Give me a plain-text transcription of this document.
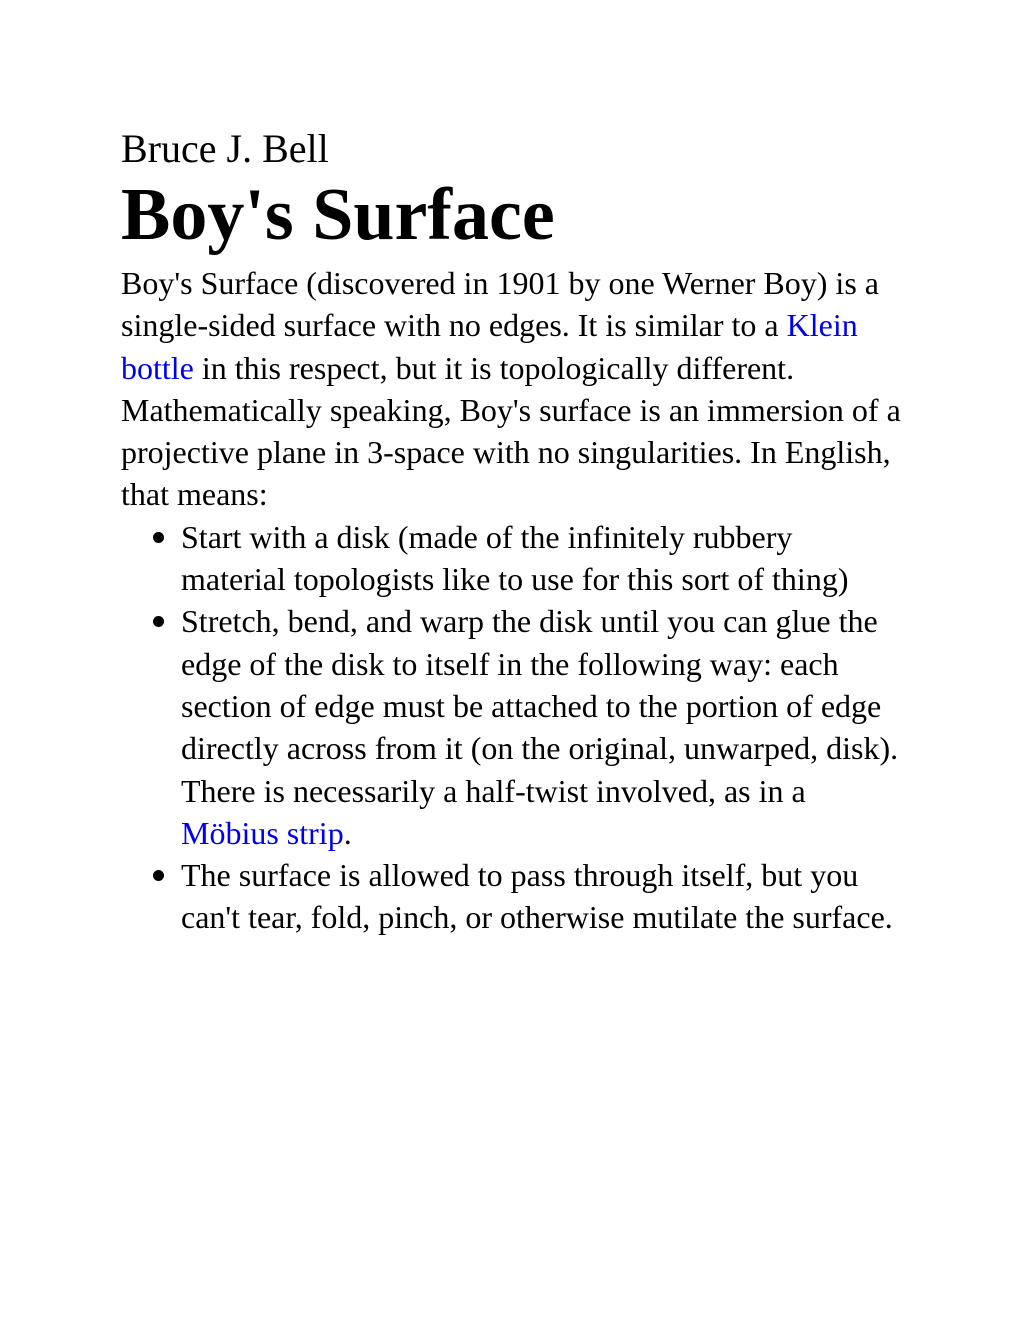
Bruce J. Bell
Boy's Surface

Boy's Surface (discovered in 1901 by one Werner Boy) is a single-sided surface with no edges. It is similar to a Klein bottle in this respect, but it is topologically different.

Mathematically speaking, Boy's surface is an immersion of a projective plane in 3-space with no singularities. In English, that means:

Start with a disk (made of the infinitely rubbery material topologists like to use for this sort of thing)
Stretch, bend, and warp the disk until you can glue the edge of the disk to itself in the following way: each section of edge must be attached to the portion of edge directly across from it (on the original, unwarped, disk). There is necessarily a half-twist involved, as in a Möbius strip.
The surface is allowed to pass through itself, but you can't tear, fold, pinch, or otherwise mutilate the surface.
